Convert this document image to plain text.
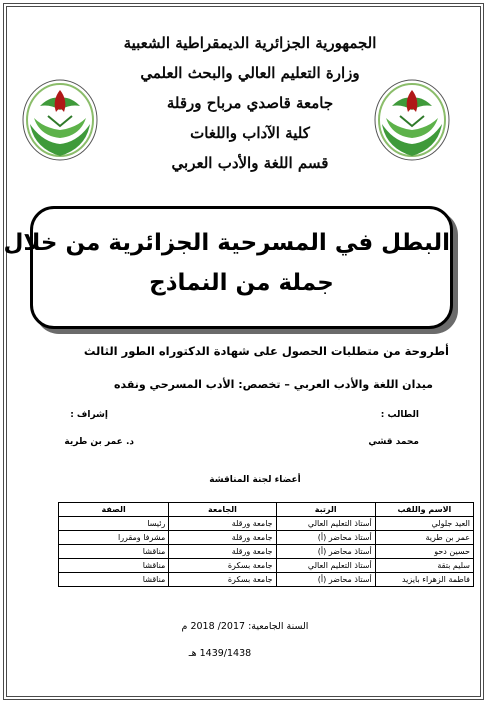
الجمهورية الجزائرية الديمقراطية الشعبية
وزارة التعليم العالي والبحث العلمي
جامعة قاصدي مرباح ورقلة
كلية الآداب واللغات
قسم اللغة والأدب العربي
البطل في المسرحية الجزائرية من خلال
جملة من النماذج
أطروحة من متطلبات الحصول على شهادة الدكتوراه الطور الثالث
ميدان اللغة والأدب العربي – تخصص: الأدب المسرحي ونقده
الطالب :
إشراف :
محمد قشي
د. عمر بن طرية
أعضاء لجنة المناقشة
الاسم واللقب	الرتبة	الجامعة	الصفة
العيد جلولي	أستاذ التعليم العالي	جامعة ورقلة	رئيسا
عمر بن طرية	أستاذ محاضر (أ)	جامعة ورقلة	مشرفا ومقررا
حسين دحو	أستاذ محاضر (أ)	جامعة ورقلة	مناقشا
سليم بتقة	أستاذ التعليم العالي	جامعة بسكرة	مناقشا
فاطمة الزهراء بايزيد	أستاذ محاضر (أ)	جامعة بسكرة	مناقشا
السنة الجامعية: 2017/ 2018 م
1439/1438 هـ
